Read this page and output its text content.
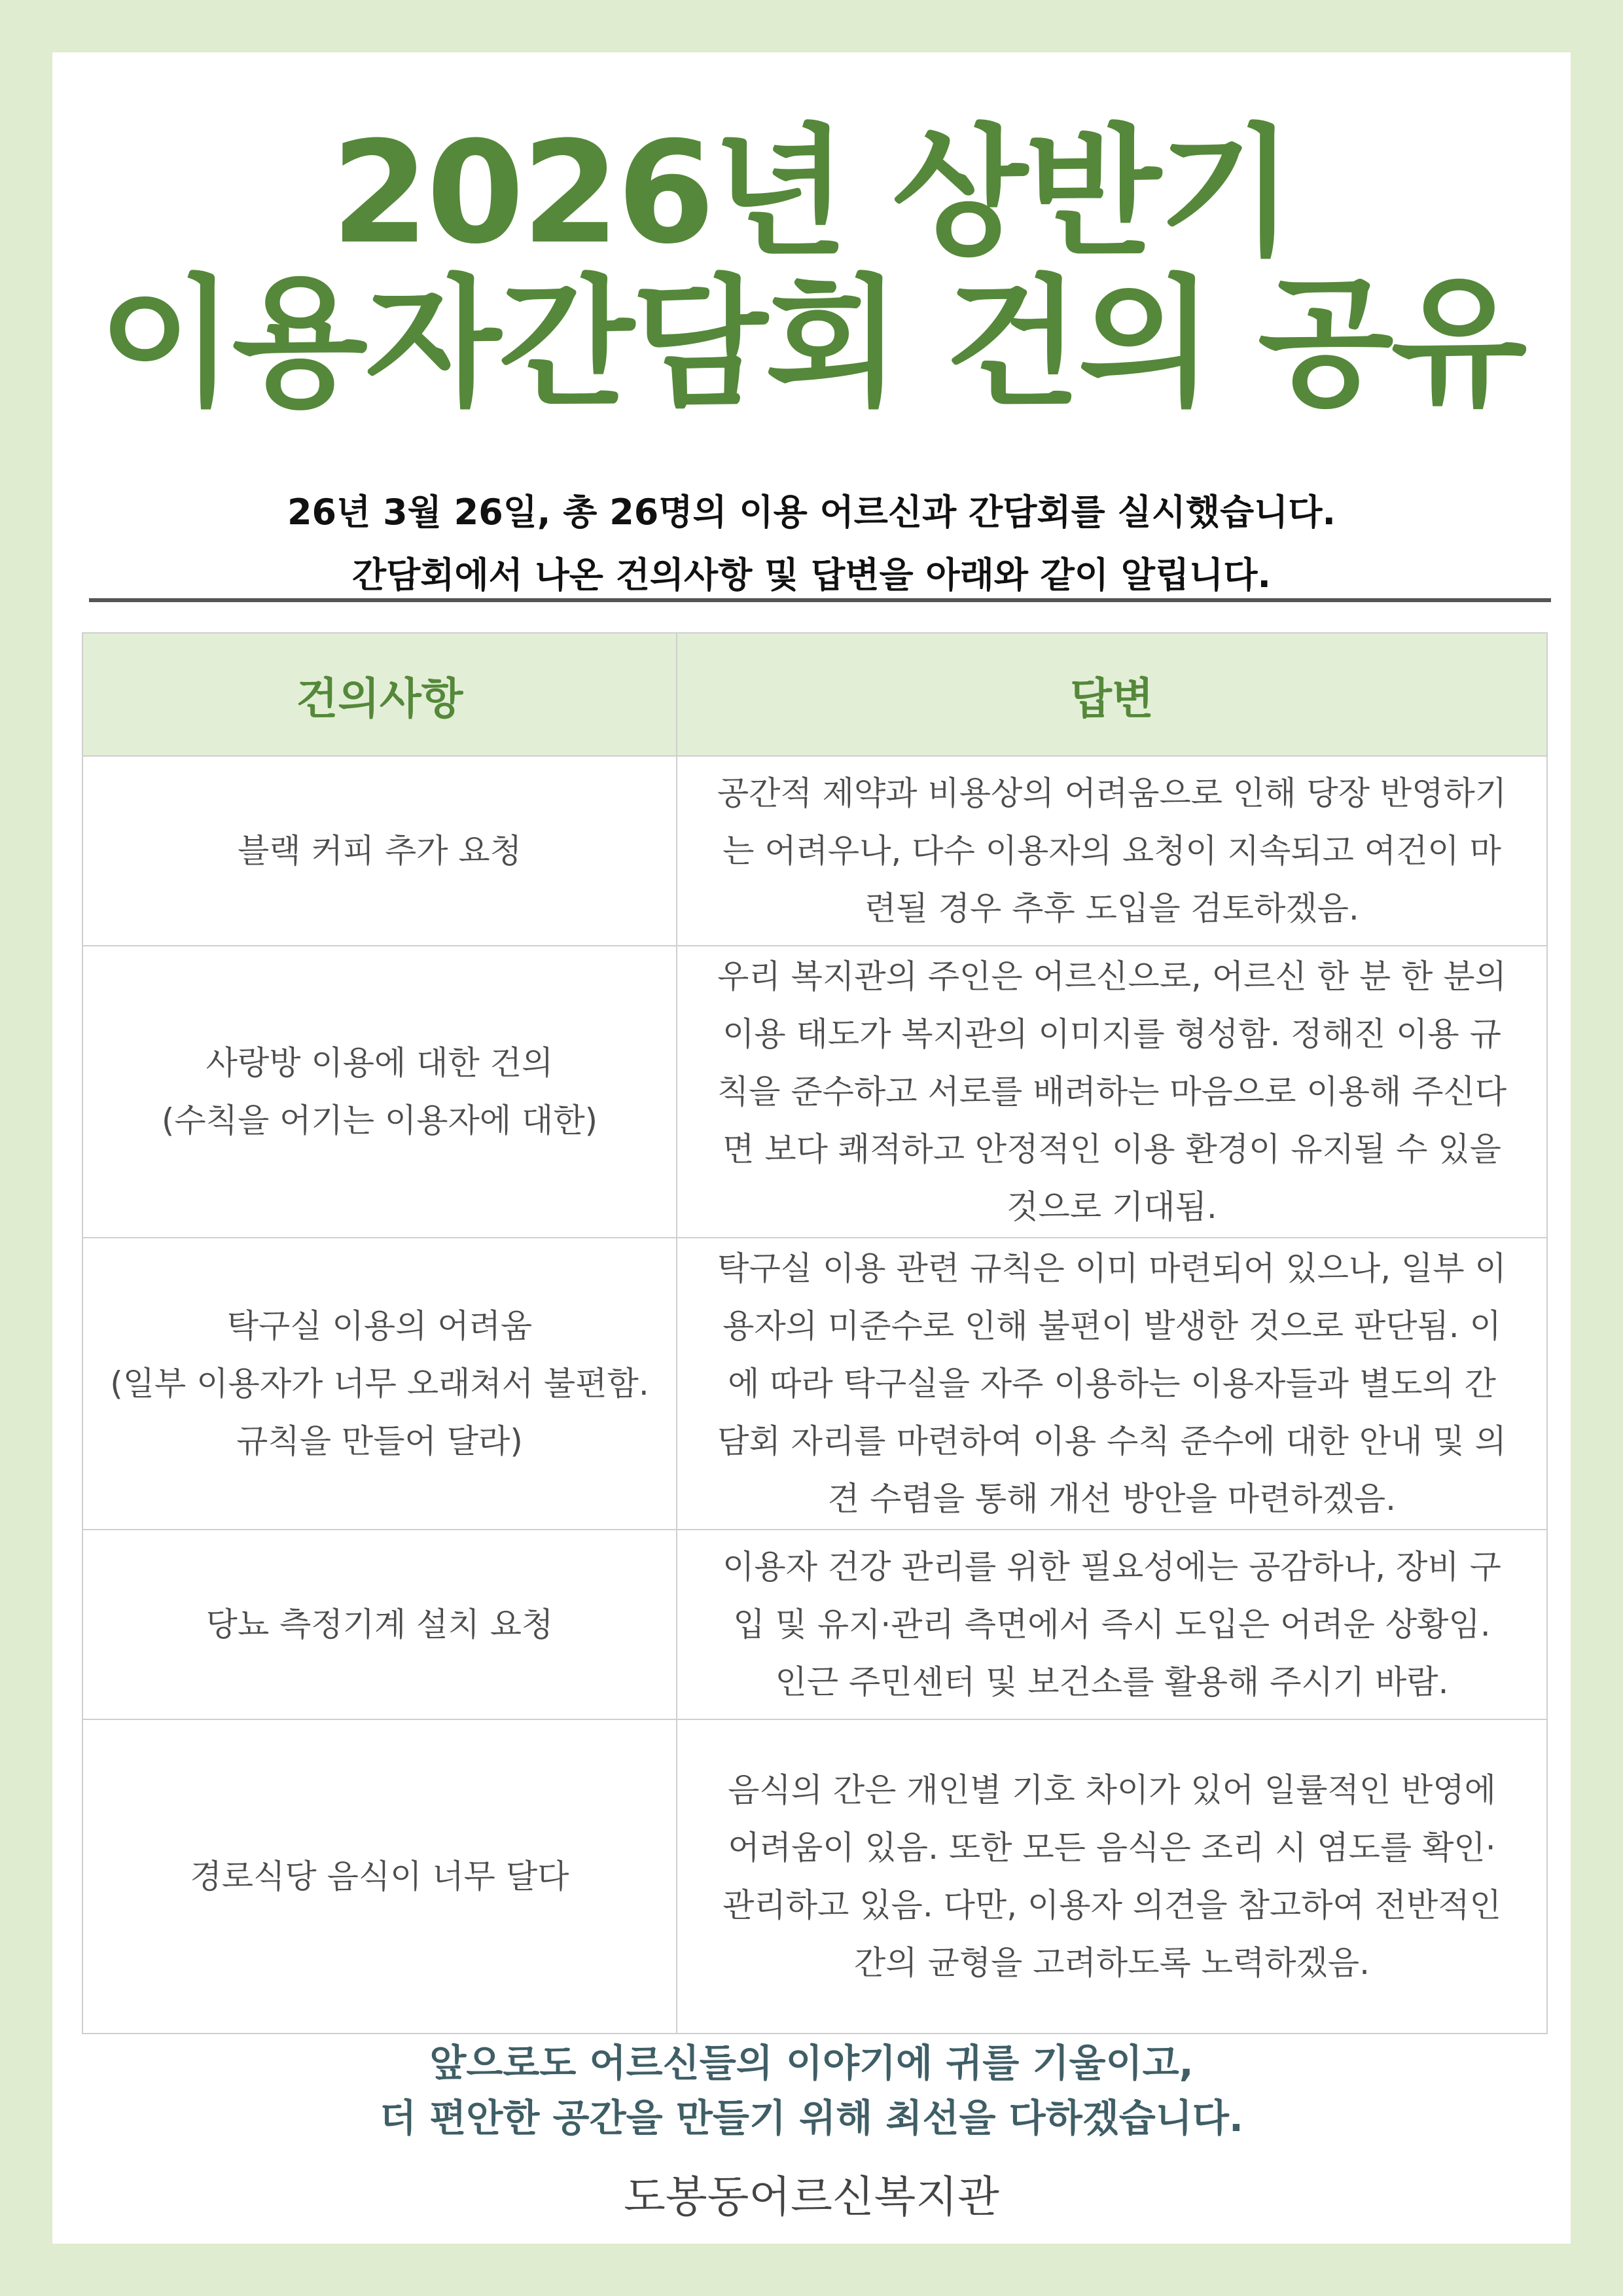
2026년 상반기
이용자간담회 건의 공유
26년 3월 26일, 총 26명의 이용 어르신과 간담회를 실시했습니다.
간담회에서 나온 건의사항 및 답변을 아래와 같이 알립니다.
건의사항	답변

블랙 커피 추가 요청	공간적 제약과 비용상의 어려움으로 인해 당장 반영하기
는 어려우나, 다수 이용자의 요청이 지속되고 여건이 마
련될 경우 추후 도입을 검토하겠음.

사랑방 이용에 대한 건의
(수칙을 어기는 이용자에 대한)	우리 복지관의 주인은 어르신으로, 어르신 한 분 한 분의
이용 태도가 복지관의 이미지를 형성함. 정해진 이용 규
칙을 준수하고 서로를 배려하는 마음으로 이용해 주신다
면 보다 쾌적하고 안정적인 이용 환경이 유지될 수 있을
것으로 기대됨.

탁구실 이용의 어려움
(일부 이용자가 너무 오래쳐서 불편함.
규칙을 만들어 달라)	탁구실 이용 관련 규칙은 이미 마련되어 있으나, 일부 이
용자의 미준수로 인해 불편이 발생한 것으로 판단됨. 이
에 따라 탁구실을 자주 이용하는 이용자들과 별도의 간
담회 자리를 마련하여 이용 수칙 준수에 대한 안내 및 의
견 수렴을 통해 개선 방안을 마련하겠음.

당뇨 측정기계 설치 요청	이용자 건강 관리를 위한 필요성에는 공감하나, 장비 구
입 및 유지·관리 측면에서 즉시 도입은 어려운 상황임.
인근 주민센터 및 보건소를 활용해 주시기 바람.

경로식당 음식이 너무 달다	음식의 간은 개인별 기호 차이가 있어 일률적인 반영에
어려움이 있음. 또한 모든 음식은 조리 시 염도를 확인·
관리하고 있음. 다만, 이용자 의견을 참고하여 전반적인
간의 균형을 고려하도록 노력하겠음.
앞으로도 어르신들의 이야기에 귀를 기울이고,
더 편안한 공간을 만들기 위해 최선을 다하겠습니다.
도봉동어르신복지관
